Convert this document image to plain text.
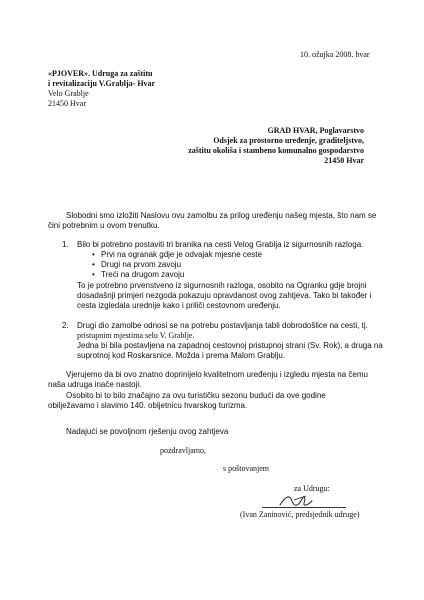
10. ožujka 2008. hvar
«PJOVER». Udruga za zaštitu
i revitalizaciju V.Grablja- Hvar
Velo Grablje
21450 Hvar
GRAD HVAR, Poglavarstvo
Odsjek za prostorno uređenje, graditeljstvo,
zaštitu okoliša i stambeno komunalno gospodarstvo
21450 Hvar
Slobodni smo izložiti Naslovu ovu zamolbu za prilog uređenju našeg mjesta, što nam se
čini potrebnim u ovom trenutku.
1. Bilo bi potrebno postaviti tri branika na cesti Velog Grablja iz sigurnosnih razloga.
• Prvi na ogranak gdje je odvajak mjesne ceste
• Drugi na prvom zavoju
• Treći na drugom zavoju
To je potrebno prvenstveno iz sigurnosnih razloga, osobito na Ogranku gdje brojni
dosadašnji primjeri nezgoda pokazuju opravdanost ovog zahtjeva. Tako bi također i
cesta izgledala urednije kako i priliči cestovnom uređenju.
2. Drugi dio zamolbe odnosi se na potrebu postavljanja tabli dobrodošlice na cesti, tj.
pristupnim mjestima selu V. Grablje.
Jedna bi bila postavljena na zapadnoj cestovnoj pristupnoj strani (Sv. Rok), a druga na
suprotnoj kod Roskarsnice. Možda i prema Malom Grablju.
Vjerujemo da bi ovo znatno doprinijelo kvalitetnom uređenju i izgledu mjesta na čemu
naša udruga inače nastoji.
Osobito bi to bilo značajno za ovu turističku sezonu budući da ove godine
obilježavamo i slavimo 140. obljetnicu hvarskog turizma.
Nadajući se povoljnom rješenju ovog zahtjeva
pozdravljamo,
s poštovanjem
za Udrugu:
(Ivan Zaninović, predsjednik udruge)
